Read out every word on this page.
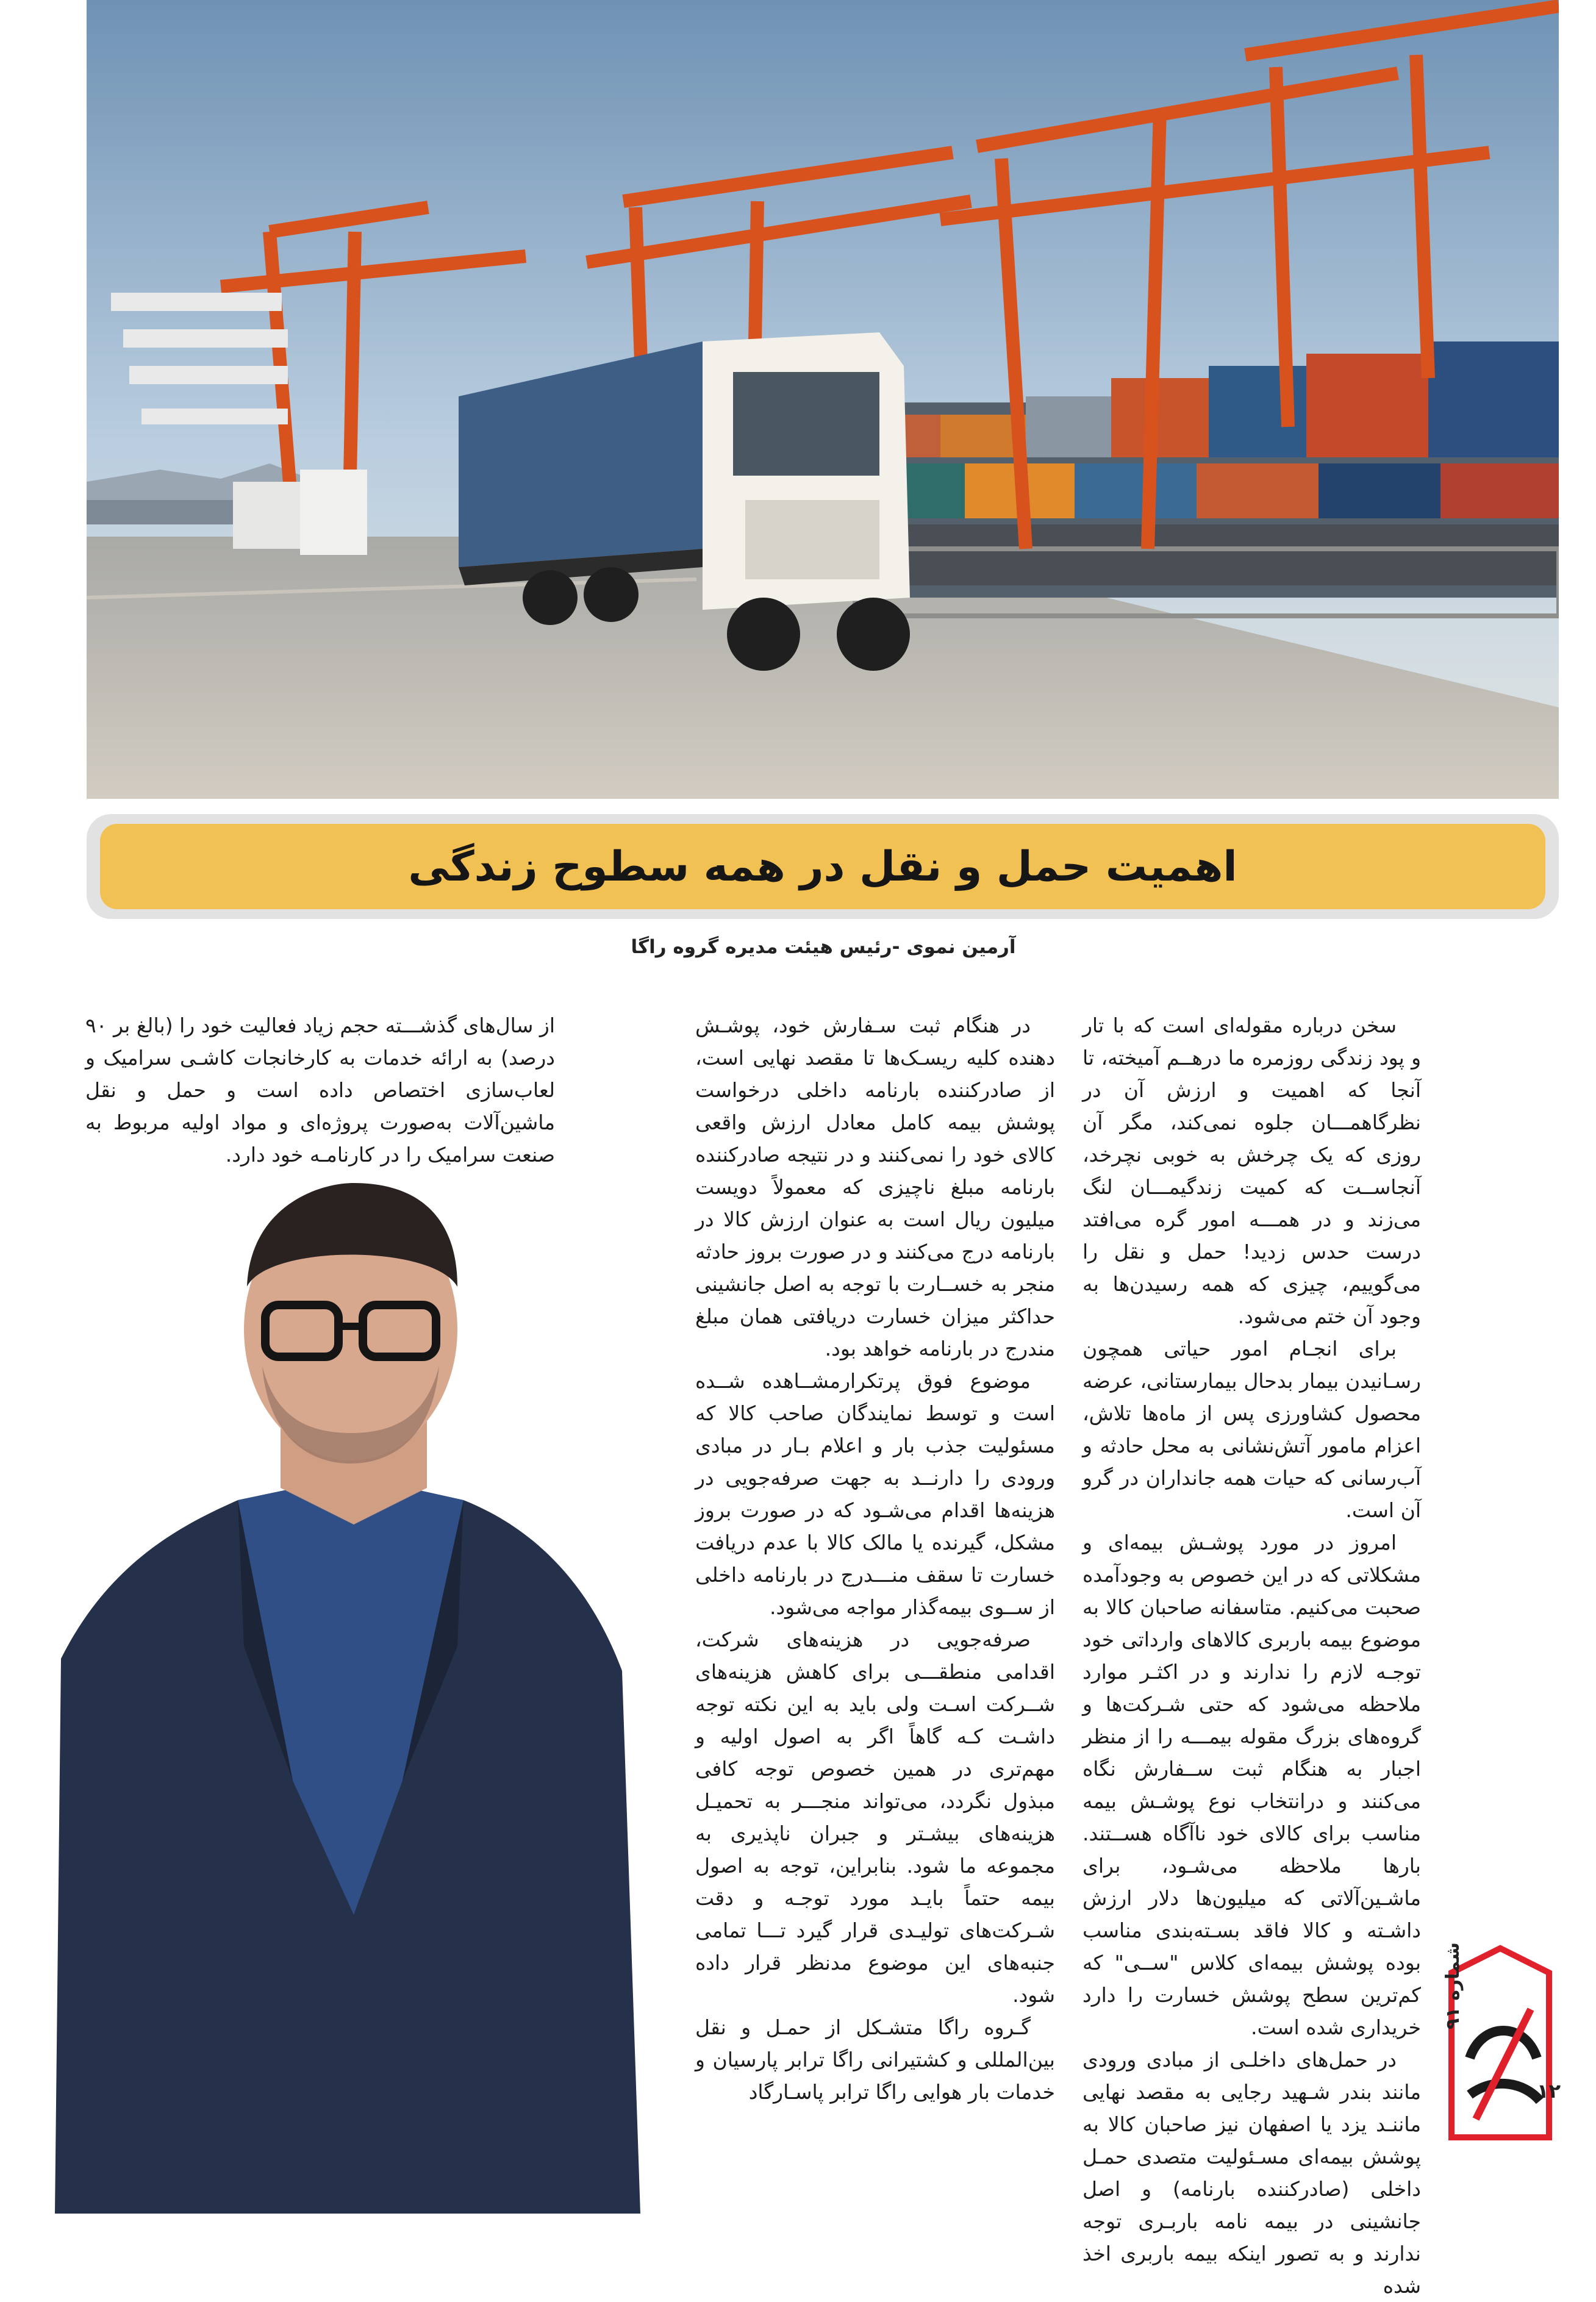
اهمیت حمل و نقل در همه سطوح زندگی
آرمین نموی -رئیس هیئت مدیره گروه راگا

سخن درباره مقوله‌ای است که با تار و پود زندگی روزمره ما درهــم آمیخته، تا آنجا که اهمیت و ارزش آن در نظرگاهمـــان جلوه نمی‌کند، مگر آن روزی که یک چرخش به خوبی نچرخد، آنجاســت که کمیت زندگیمـــان لنگ می‌زند و در همـــه امور گره می‌افتد درست حدس زدید! حمل و نقل را می‌گوییم، چیزی که همه رسیدن‌ها به وجود آن ختم می‌شود.

برای انجـام امور حیاتی همچون رسـانیدن بیمار بدحال بیمارستانی، عرضه محصول کشاورزی پس از ماه‌ها تلاش، اعزام مامور آتش‌نشانی به محل حادثه و آب‌رسانی که حیات همه جانداران در گرو آن است.

امروز در مورد پوشـش بیمه‌ای و مشکلاتی که در این خصوص به وجودآمده صحبت می‌کنیم. متاسفانه صاحبان کالا به موضوع بیمه باربری کالاهای وارداتی خود توجـه لازم را ندارند و در اکثـر موارد ملاحظه می‌شود که حتی شـرکت‌ها و گروه‌های بزرگ مقوله بیمـــه را از منظر اجبار به هنگام ثبت ســفارش نگاه می‌کنند و درانتخاب نوع پوشـش بیمه مناسب برای کالای خود ناآگاه هســتند. بارها ملاحظه می‌شـود، برای ماشـین‌آلاتی که میلیون‌ها دلار ارزش داشـته و کالا فاقد بسـته‌بندی مناسب بوده پوشش بیمه‌ای کلاس "ســی" که کم‌ترین سطح پوشش خسارت را دارد خریداری شده است.

در حمل‌های داخلـی از مبادی ورودی مانند بندر شـهید رجایی به مقصد نهایی ماننـد یزد یا اصفهان نیز صاحبان کالا به پوشش بیمه‌ای مسـئولیت متصدی حمـل داخلی (صادرکننده بارنامه) و اصل جانشینی در بیمه نامه باربـری توجه ندارند و به تصور اینکه بیمه باربری اخذ شده

در هنگام ثبت سـفارش خود، پوشـش دهنده کلیه ریسـک‌ها تا مقصد نهایی است، از صادرکننده بارنامه داخلی درخواست پوشش بیمه کامل معادل ارزش واقعی کالای خود را نمی‌کنند و در نتیجه صادرکننده بارنامه مبلغ ناچیزی که معمولاً دویست میلیون ریال است به عنوان ارزش کالا در بارنامه درج می‌کنند و در صورت بروز حادثه منجر به خســارت با توجه به اصل جانشینی حداکثر میزان خسارت دریافتی همان مبلغ مندرج در بارنامه خواهد بود.

موضوع فوق پرتکرارمشــاهده شــده است و توسط نمایندگان صاحب کالا که مسئولیت جذب بار و اعلام بـار در مبادی ورودی را دارنــد به جهت صرفه‌جویی در هزینه‌ها اقدام می‌شـود که در صورت بروز مشکل، گیرنده یا مالک کالا با عدم دریافت خسارت تا سقف منـــدرج در بارنامه داخلی از ســوی بیمه‌گذار مواجه می‌شود.

صرفه‌جویی در هزینه‌های شرکت، اقدامی منطقـــی برای کاهش هزینه‌های شــرکت اسـت ولی باید به این نکته توجه داشـت کـه گاهاً اگر به اصول اولیه و مهم‌تری در همین خصوص توجه کافی مبذول نگردد، می‌تواند منجـــر به تحمیـل هزینه‌های بیشـتر و جبران ناپذیری به مجموعه ما شود. بنابراین، توجه به اصول بیمه حتماً بایـد مورد توجـه و دقت شـرکت‌های تولیـدی قرار گیرد تـــا تمامی جنبه‌های این موضوع مدنظر قرار داده شود.

گـروه راگا متشـکل از حمـل و نقل بین‌المللی و کشتیرانی راگا ترابر پارسیان و خدمات بار هوایی راگا ترابر پاسـارگاد

از سال‌های گذشـــته حجم زیاد فعالیت خود را (بالغ بر ۹۰ درصد) به ارائه خدمات به کارخانجات کاشـی سرامیک و لعاب‌سازی اختصاص داده است و حمل و نقل ماشین‌آلات به‌صورت پروژه‌ای و مواد اولیه مربوط به صنعت سرامیک را در کارنامـه خود دارد.

شماره ۹۱
۱۲
